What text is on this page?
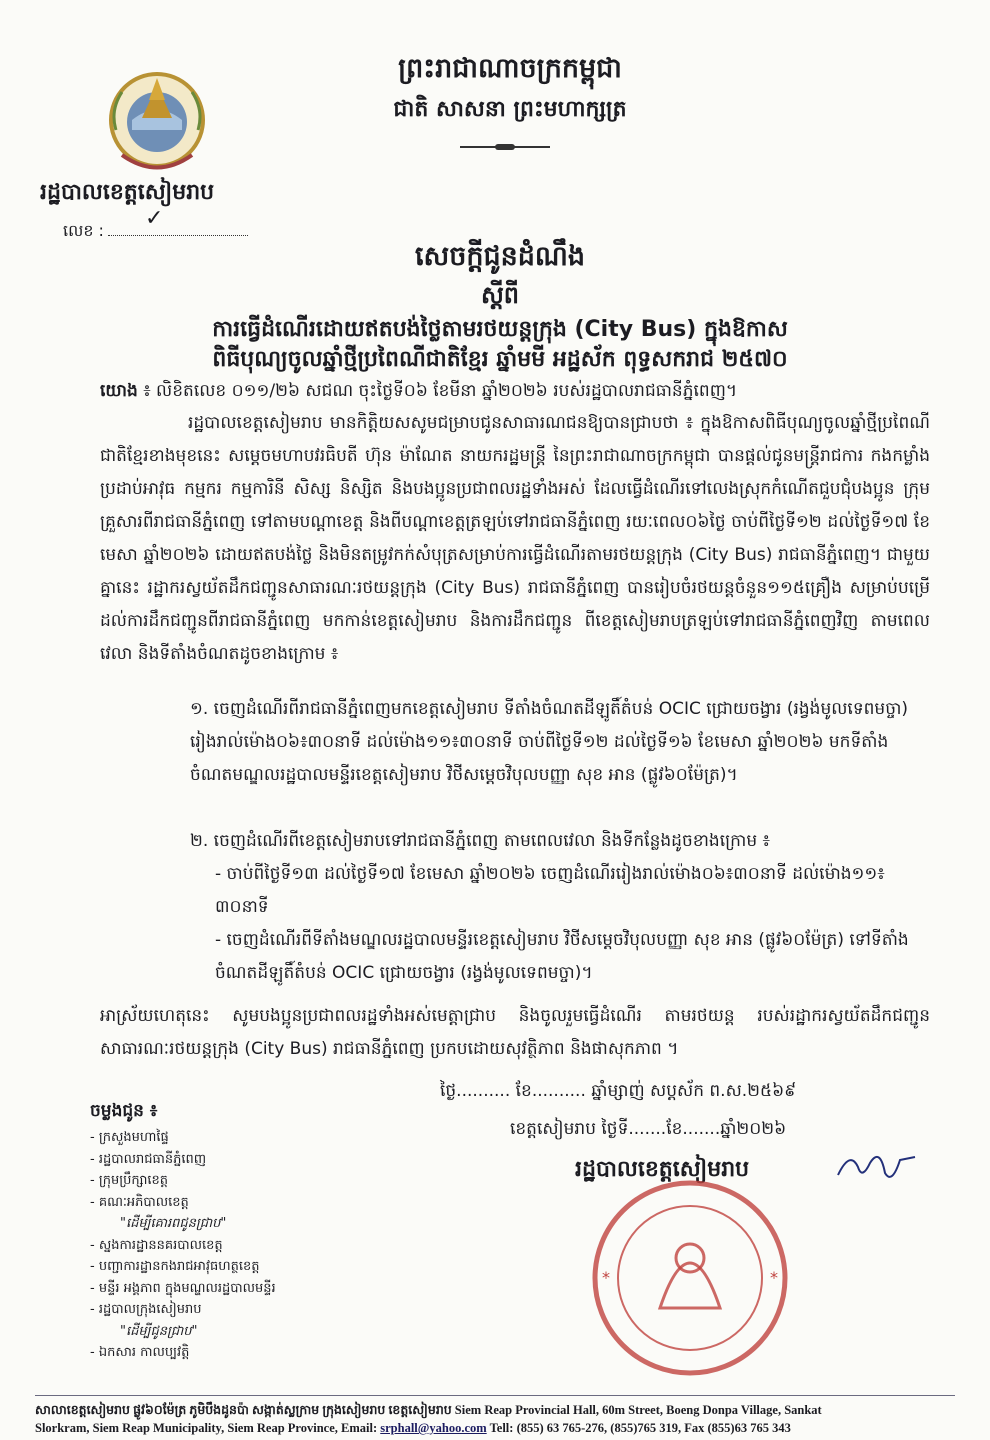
ព្រះរាជាណាចក្រកម្ពុជា
ជាតិ សាសនា ព្រះមហាក្សត្រ
រដ្ឋបាលខេត្តសៀមរាប
លេខ :	✓
សេចក្តីជូនដំណឹង
ស្តីពី
ការធ្វើដំណើរដោយឥតបង់ថ្លៃតាមរថយន្តក្រុង (City Bus) ក្នុងឱកាស
ពិធីបុណ្យចូលឆ្នាំថ្មីប្រពៃណីជាតិខ្មែរ ឆ្នាំមមី អដ្ឋស័ក ពុទ្ធសករាជ ២៥៧០
យោង ៖ លិខិតលេខ ០១១/២៦ សជណ ចុះថ្ងៃទី០៦ ខែមីនា ឆ្នាំ២០២៦ របស់រដ្ឋបាលរាជធានីភ្នំពេញ។
រដ្ឋបាលខេត្តសៀមរាប មានកិត្តិយសសូមជម្រាបជូនសាធារណជនឱ្យបានជ្រាបថា ៖ ក្នុងឱកាសពិធីបុណ្យចូលឆ្នាំថ្មីប្រពៃណីជាតិខ្មែរខាងមុខនេះ សម្តេចមហាបវរធិបតី ហ៊ុន ម៉ាណែត នាយករដ្ឋមន្ត្រី នៃព្រះរាជាណាចក្រកម្ពុជា បានផ្តល់ជូនមន្ត្រីរាជការ កងកម្លាំងប្រដាប់អាវុធ កម្មករ កម្មការិនី សិស្ស និស្សិត និងបងប្អូនប្រជាពលរដ្ឋទាំងអស់ ដែលធ្វើដំណើរទៅលេងស្រុកកំណើតជួបជុំបងប្អូន ក្រុមគ្រួសារពីរាជធានីភ្នំពេញ ទៅតាមបណ្តាខេត្ត និងពីបណ្តាខេត្តត្រឡប់ទៅរាជធានីភ្នំពេញ រយៈពេល០៦ថ្ងៃ ចាប់ពីថ្ងៃទី១២ ដល់ថ្ងៃទី១៧ ខែមេសា ឆ្នាំ២០២៦ ដោយឥតបង់ថ្លៃ និងមិនតម្រូវកក់សំបុត្រសម្រាប់ការធ្វើដំណើរតាមរថយន្តក្រុង (City Bus) រាជធានីភ្នំពេញ។ ជាមួយគ្នានេះ រដ្ឋាករស្វយ័តដឹកជញ្ជូនសាធារណៈរថយន្តក្រុង (City Bus) រាជធានីភ្នំពេញ បានរៀបចំរថយន្តចំនួន១១៥គ្រឿង សម្រាប់បម្រើដល់ការដឹកជញ្ជូនពីរាជធានីភ្នំពេញ មកកាន់ខេត្តសៀមរាប និងការដឹកជញ្ជូន ពីខេត្តសៀមរាបត្រឡប់ទៅរាជធានីភ្នំពេញវិញ តាមពេលវេលា និងទីតាំងចំណតដូចខាងក្រោម ៖
១. ចេញដំណើរពីរាជធានីភ្នំពេញមកខេត្តសៀមរាប ទីតាំងចំណតដីឡូតិ៍តំបន់ OCIC ជ្រោយចង្វារ (រង្វង់មូលទេពមច្ចា) រៀងរាល់ម៉ោង០៦៖៣០នាទី ដល់ម៉ោង១១៖៣០នាទី ចាប់ពីថ្ងៃទី១២ ដល់ថ្ងៃទី១៦ ខែមេសា ឆ្នាំ២០២៦ មកទីតាំងចំណតមណ្ឌលរដ្ឋបាលមន្ទីរខេត្តសៀមរាប វិថីសម្តេចវិបុលបញ្ញា សុខ អាន (ផ្លូវ៦០ម៉ែត្រ)។
២. ចេញដំណើរពីខេត្តសៀមរាបទៅរាជធានីភ្នំពេញ តាមពេលវេលា និងទីកន្លែងដូចខាងក្រោម ៖
- ចាប់ពីថ្ងៃទី១៣ ដល់ថ្ងៃទី១៧ ខែមេសា ឆ្នាំ២០២៦ ចេញដំណើររៀងរាល់ម៉ោង០៦៖៣០នាទី ដល់ម៉ោង១១៖៣០នាទី
- ចេញដំណើរពីទីតាំងមណ្ឌលរដ្ឋបាលមន្ទីរខេត្តសៀមរាប វិថីសម្តេចវិបុលបញ្ញា សុខ អាន (ផ្លូវ៦០ម៉ែត្រ) ទៅទីតាំងចំណតដីឡូតិ៍តំបន់ OCIC ជ្រោយចង្វារ (រង្វង់មូលទេពមច្ចា)។
អាស្រ័យហេតុនេះ សូមបងប្អូនប្រជាពលរដ្ឋទាំងអស់មេត្តាជ្រាប និងចូលរួមធ្វើដំណើរ តាមរថយន្ត របស់រដ្ឋាករស្វយ័តដឹកជញ្ជូនសាធារណៈរថយន្តក្រុង (City Bus) រាជធានីភ្នំពេញ ប្រកបដោយសុវត្ថិភាព និងផាសុកភាព ។
ចម្លងជូន ៖
- ក្រសួងមហាផ្ទៃ
- រដ្ឋបាលរាជធានីភ្នំពេញ
- ក្រុមប្រឹក្សាខេត្ត
- គណៈអភិបាលខេត្ត
"ដើម្បីគោរពជូនជ្រាប"
- ស្នងការដ្ឋាននគរបាលខេត្ត
- បញ្ជាការដ្ឋានកងរាជអាវុធហត្ថខេត្ត
- មន្ទីរ អង្គភាព ក្នុងមណ្ឌលរដ្ឋបាលមន្ទីរ
- រដ្ឋបាលក្រុងសៀមរាប
"ដើម្បីជូនជ្រាប"
- ឯកសារ កាលប្បវត្តិ
ថ្ងៃ.......... ខែ.......... ឆ្នាំម្សាញ់ សប្តស័ក ព.ស.២៥៦៩
ខេត្តសៀមរាប ថ្ងៃទី.......ខែ.......ឆ្នាំ២០២៦
រដ្ឋបាលខេត្តសៀមរាប
*	*
សាលាខេត្តសៀមរាប ផ្លូវ៦០ម៉ែត្រ ភូមិបឹងដូនប៉ា សង្កាត់ស្លក្រាម ក្រុងសៀមរាប ខេត្តសៀមរាប Siem Reap Provincial Hall, 60m Street, Boeng Donpa Village, Sankat
Slorkram, Siem Reap Municipality, Siem Reap Province, Email: srphall@yahoo.com Tell: (855) 63 765-276, (855)765 319, Fax (855)63 765 343
